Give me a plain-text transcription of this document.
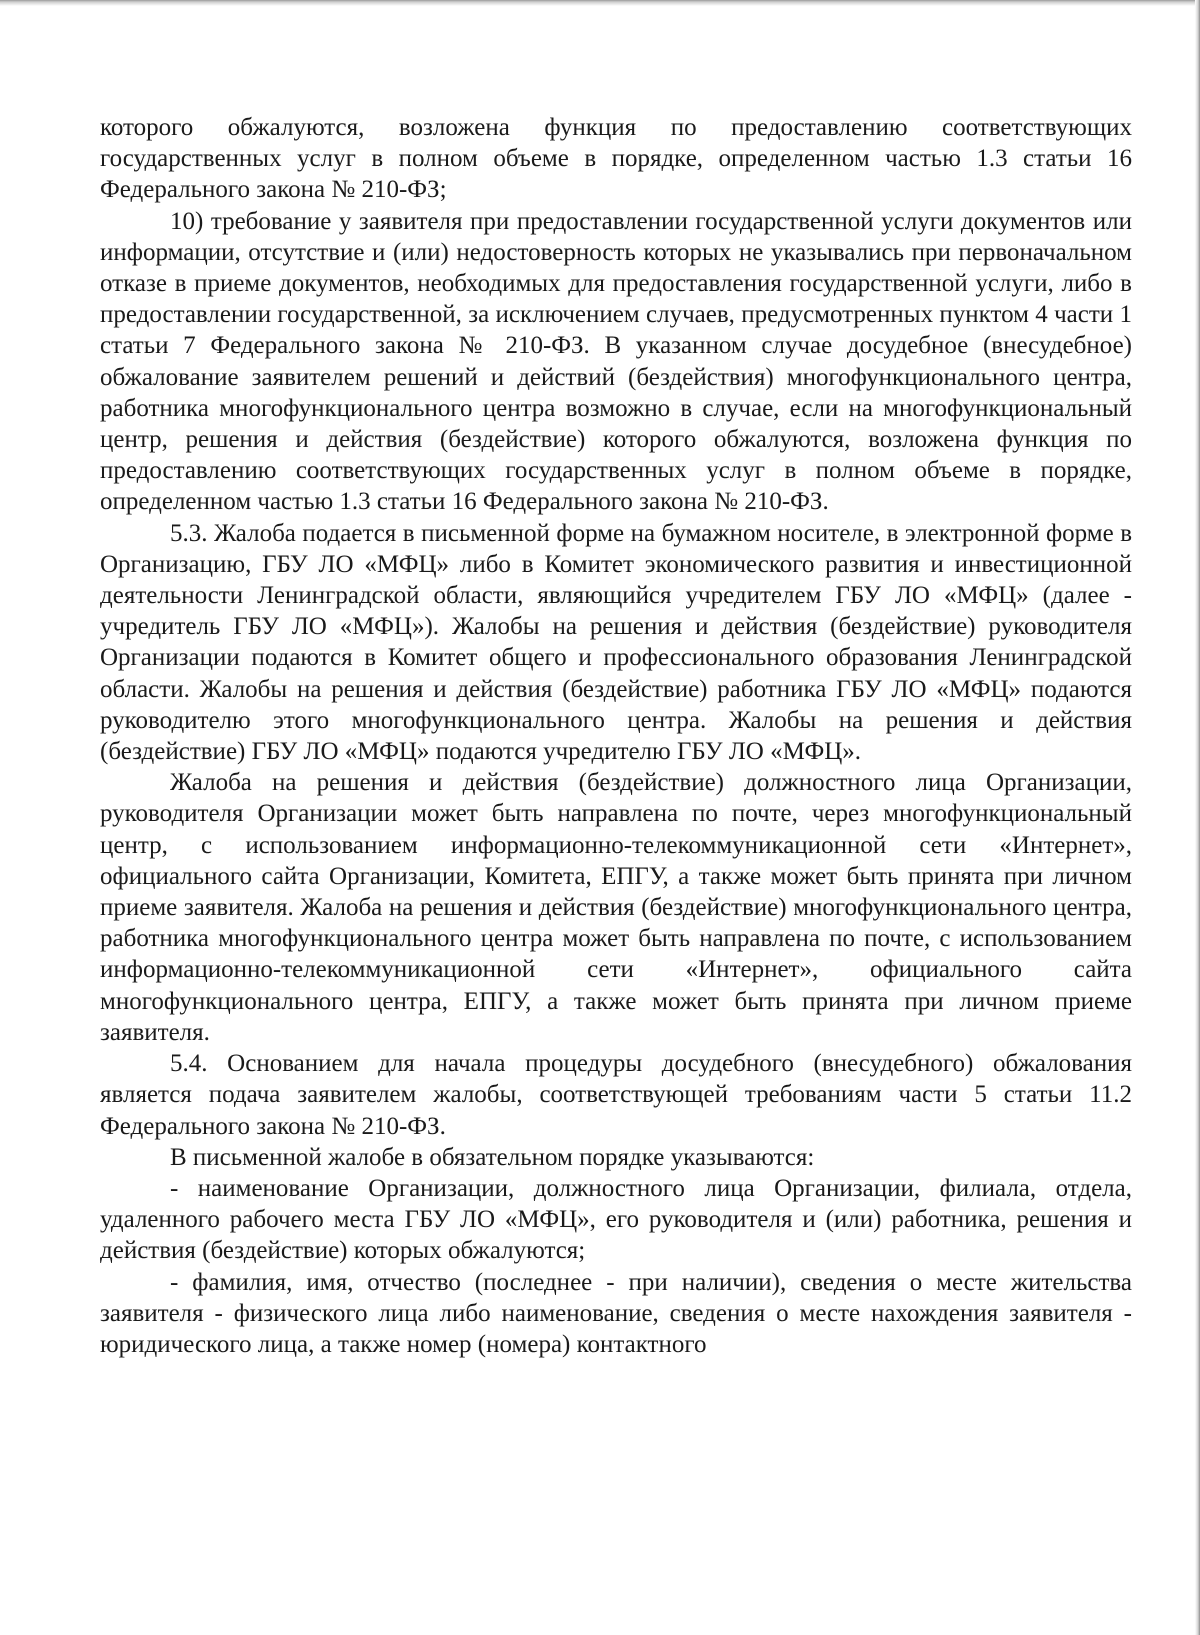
которого обжалуются, возложена функция по предоставлению соответствующих государственных услуг в полном объеме в порядке, определенном частью 1.3 статьи 16 Федерального закона № 210-ФЗ;

10) требование у заявителя при предоставлении государственной услуги документов или информации, отсутствие и (или) недостоверность которых не указывались при первоначальном отказе в приеме документов, необходимых для предоставления государственной услуги, либо в предоставлении государственной, за исключением случаев, предусмотренных пунктом 4 части 1 статьи 7 Федерального закона № 210-ФЗ. В указанном случае досудебное (внесудебное) обжалование заявителем решений и действий (бездействия) многофункционального центра, работника многофункционального центра возможно в случае, если на многофункциональный центр, решения и действия (бездействие) которого обжалуются, возложена функция по предоставлению соответствующих государственных услуг в полном объеме в порядке, определенном частью 1.3 статьи 16 Федерального закона № 210-ФЗ.

5.3. Жалоба подается в письменной форме на бумажном носителе, в электронной форме в Организацию, ГБУ ЛО «МФЦ» либо в Комитет экономического развития и инвестиционной деятельности Ленинградской области, являющийся учредителем ГБУ ЛО «МФЦ» (далее - учредитель ГБУ ЛО «МФЦ»). Жалобы на решения и действия (бездействие) руководителя Организации подаются в Комитет общего и профессионального образования Ленинградской области. Жалобы на решения и действия (бездействие) работника ГБУ ЛО «МФЦ» подаются руководителю этого многофункционального центра. Жалобы на решения и действия (бездействие) ГБУ ЛО «МФЦ» подаются учредителю ГБУ ЛО «МФЦ».

Жалоба на решения и действия (бездействие) должностного лица Организации, руководителя Организации может быть направлена по почте, через многофункциональный центр, с использованием информационно-телекоммуникационной сети «Интернет», официального сайта Организации, Комитета, ЕПГУ, а также может быть принята при личном приеме заявителя. Жалоба на решения и действия (бездействие) многофункционального центра, работника многофункционального центра может быть направлена по почте, с использованием информационно-телекоммуникационной сети «Интернет», официального сайта многофункционального центра, ЕПГУ, а также может быть принята при личном приеме заявителя.

5.4. Основанием для начала процедуры досудебного (внесудебного) обжалования является подача заявителем жалобы, соответствующей требованиям части 5 статьи 11.2 Федерального закона № 210-ФЗ.

В письменной жалобе в обязательном порядке указываются:

- наименование Организации, должностного лица Организации, филиала, отдела, удаленного рабочего места ГБУ ЛО «МФЦ», его руководителя и (или) работника, решения и действия (бездействие) которых обжалуются;

- фамилия, имя, отчество (последнее - при наличии), сведения о месте жительства заявителя - физического лица либо наименование, сведения о месте нахождения заявителя - юридического лица, а также номер (номера) контактного
